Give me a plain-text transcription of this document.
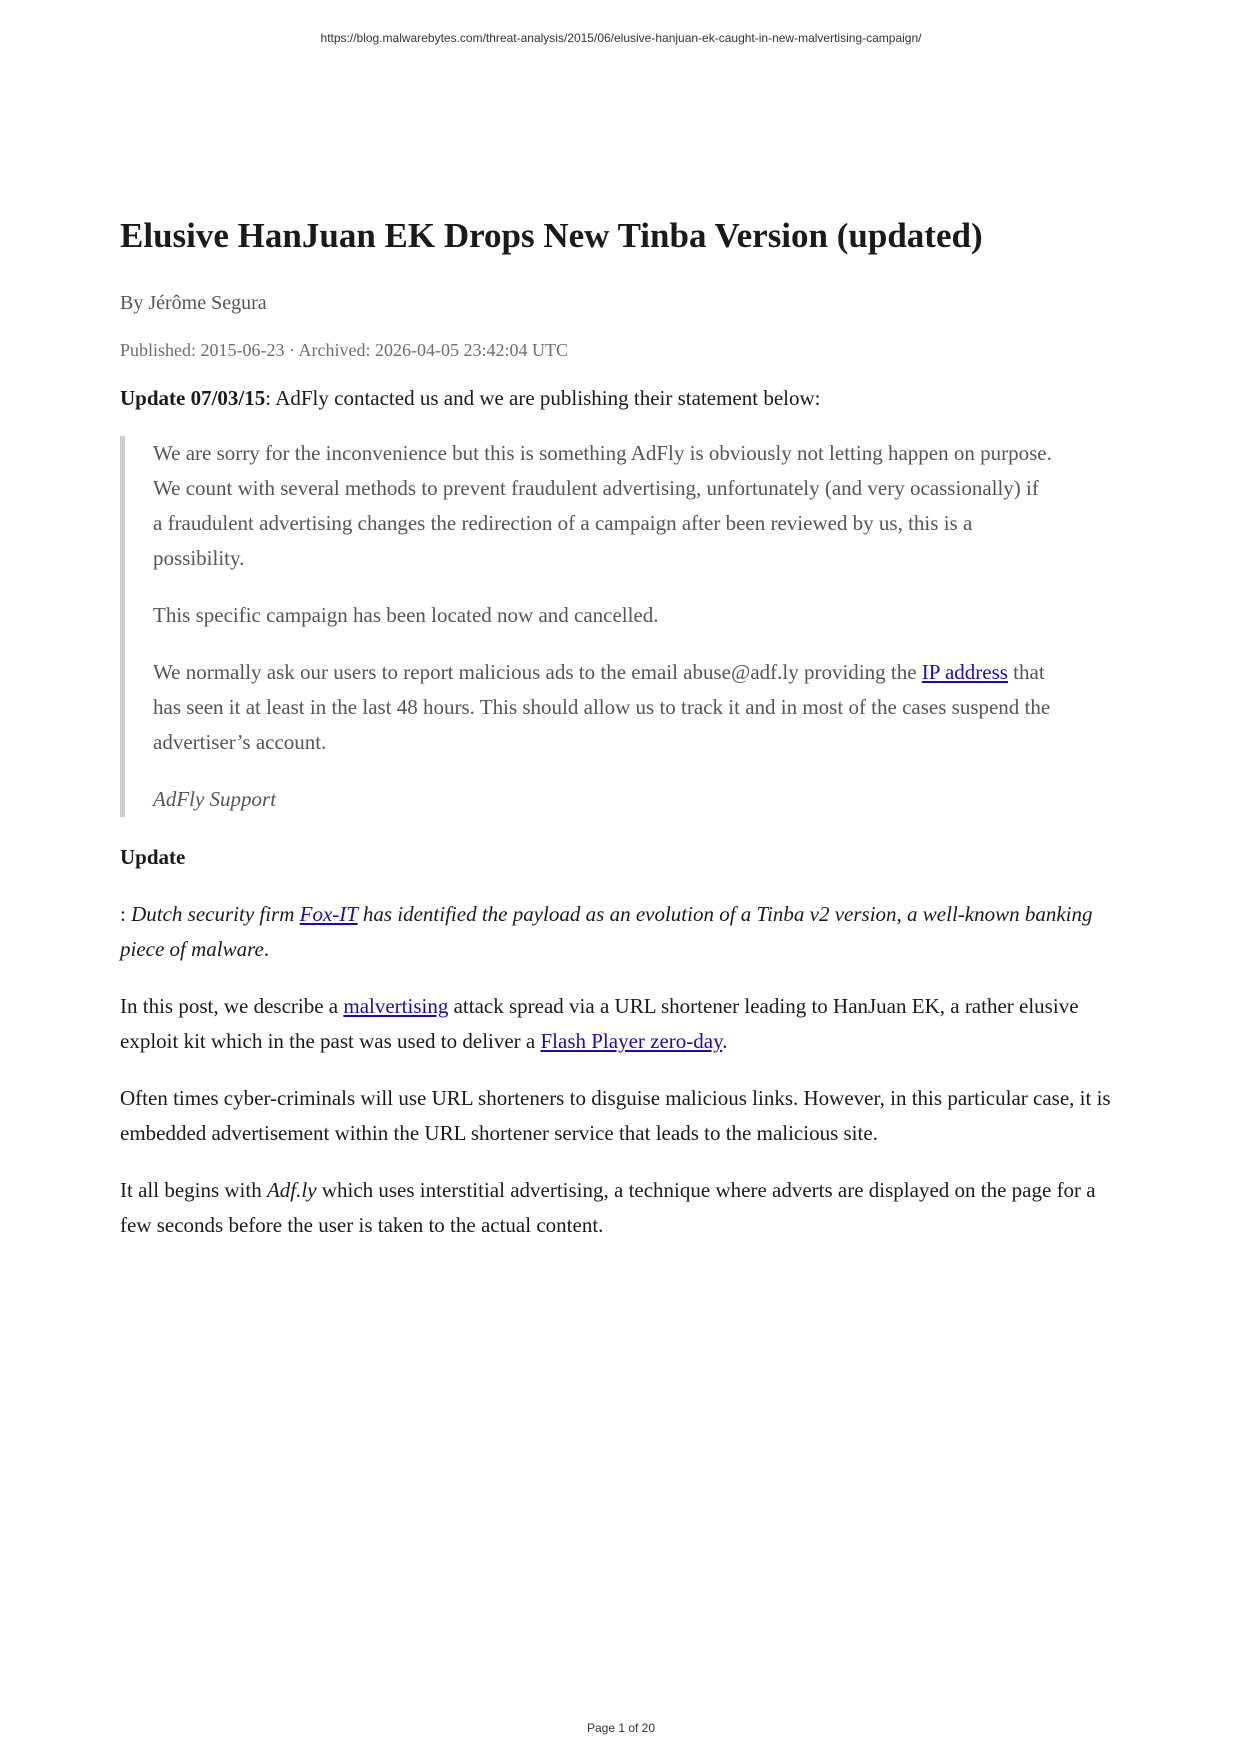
https://blog.malwarebytes.com/threat-analysis/2015/06/elusive-hanjuan-ek-caught-in-new-malvertising-campaign/
Elusive HanJuan EK Drops New Tinba Version (updated)
By Jérôme Segura
Published: 2015-06-23 · Archived: 2026-04-05 23:42:04 UTC

Update 07/03/15: AdFly contacted us and we are publishing their statement below:

We are sorry for the inconvenience but this is something AdFly is obviously not letting happen on purpose. We count with several methods to prevent fraudulent advertising, unfortunately (and very ocassionally) if a fraudulent advertising changes the redirection of a campaign after been reviewed by us, this is a possibility.

This specific campaign has been located now and cancelled.

We normally ask our users to report malicious ads to the email abuse@adf.ly providing the IP address that has seen it at least in the last 48 hours. This should allow us to track it and in most of the cases suspend the advertiser’s account.

AdFly Support

Update

: Dutch security firm Fox-IT has identified the payload as an evolution of a Tinba v2 version, a well-known banking piece of malware.

In this post, we describe a malvertising attack spread via a URL shortener leading to HanJuan EK, a rather elusive exploit kit which in the past was used to deliver a Flash Player zero-day.

Often times cyber-criminals will use URL shorteners to disguise malicious links. However, in this particular case, it is embedded advertisement within the URL shortener service that leads to the malicious site.

It all begins with Adf.ly which uses interstitial advertising, a technique where adverts are displayed on the page for a few seconds before the user is taken to the actual content.

Page 1 of 20
